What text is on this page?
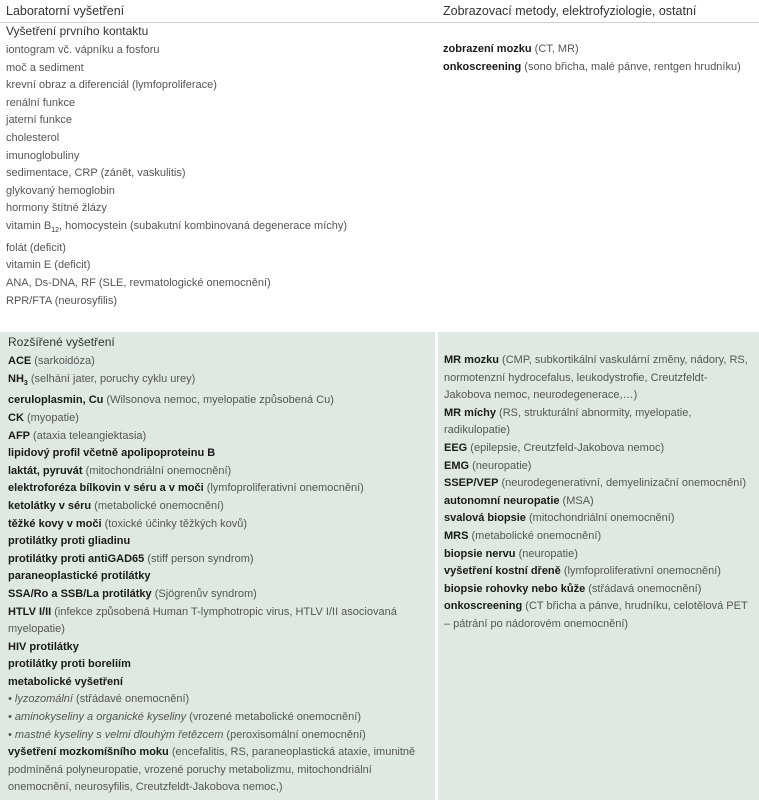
Laboratorní vyšetření	Zobrazovací metody, elektrofyziologie, ostatní
Vyšetření prvního kontaktu
iontogram vč. vápníku a fosforu
moč a sediment
krevní obraz a diferenciál (lymfoproliferace)
renální funkce
jaterní funkce
cholesterol
imunoglobuliny
sedimentace, CRP (zánět, vaskulitis)
glykovaný hemoglobin
hormony štítné žlázy
vitamin $B_{12}$, homocystein (subakutní kombinovaná degenerace míchy)
folát (deficit)
vitamin E (deficit)
ANA, Ds-DNA, RF (SLE, revmatologické onemocnění)
RPR/FTA (neurosyfilis)
zobrazení mozku (CT, MR)
onkoscreening (sono břicha, malé pánve, rentgen hrudníku)
Rozšířené vyšetření
ACE (sarkoidóza)
$NH_3$ (selhání jater, poruchy cyklu urey)
ceruloplasmin, Cu (Wilsonova nemoc, myelopatie způsobená Cu)
CK (myopatie)
AFP (ataxia teleangiektasia)
lipidový profil včetně apolipoproteinu B
laktát, pyruvát (mitochondriální onemocnění)
elektroforéza bílkovin v séru a v moči (lymfoproliferativní onemocnění)
ketolátky v séru (metabolické onemocnění)
těžké kovy v moči (toxické účinky těžkých kovů)
protilátky proti gliadinu
protilátky proti antiGAD65 (stiff person syndrom)
paraneoplastické protilátky
SSA/Ro a SSB/La protilátky (Sjögrenův syndrom)
HTLV I/II (infekce způsobená Human T-lymphotropic virus, HTLV I/II asociovaná myelopatie)
HIV protilátky
protilátky proti boreliím
metabolické vyšetření
• lyzozomální (střádavé onemocnění)
• aminokyseliny a organické kyseliny (vrozené metabolické onemocnění)
• mastné kyseliny s velmi dlouhým řetězcem (peroxisomální onemocnění)
vyšetření mozkomíšního moku (encefalitis, RS, paraneoplastická ataxie, imunitně podmíněná polyneuropatie, vrozené poruchy metabolizmu, mitochondriální onemocnění, neurosyfilis, Creutzfeldt-Jakobova nemoc,)
MR mozku (CMP, subkortikální vaskulární změny, nádory, RS, normotenzní hydrocefalus, leukodystrofie, Creutzfeldt-Jakobova nemoc, neurodegenerace,…)
MR míchy (RS, strukturální abnormity, myelopatie, radikulopatie)
EEG (epilepsie, Creutzfeld-Jakobova nemoc)
EMG (neuropatie)
SSEP/VEP (neurodegenerativní, demyelinizační onemocnění)
autonomní neuropatie (MSA)
svalová biopsie (mitochondriální onemocnění)
MRS (metabolické onemocnění)
biopsie nervu (neuropatie)
vyšetření kostní dřeně (lymfoproliferativní onemocnění)
biopsie rohovky nebo kůže (střádavá onemocnění)
onkoscreening (CT břicha a pánve, hrudníku, celotělová PET – pátrání po nádorovém onemocnění)
